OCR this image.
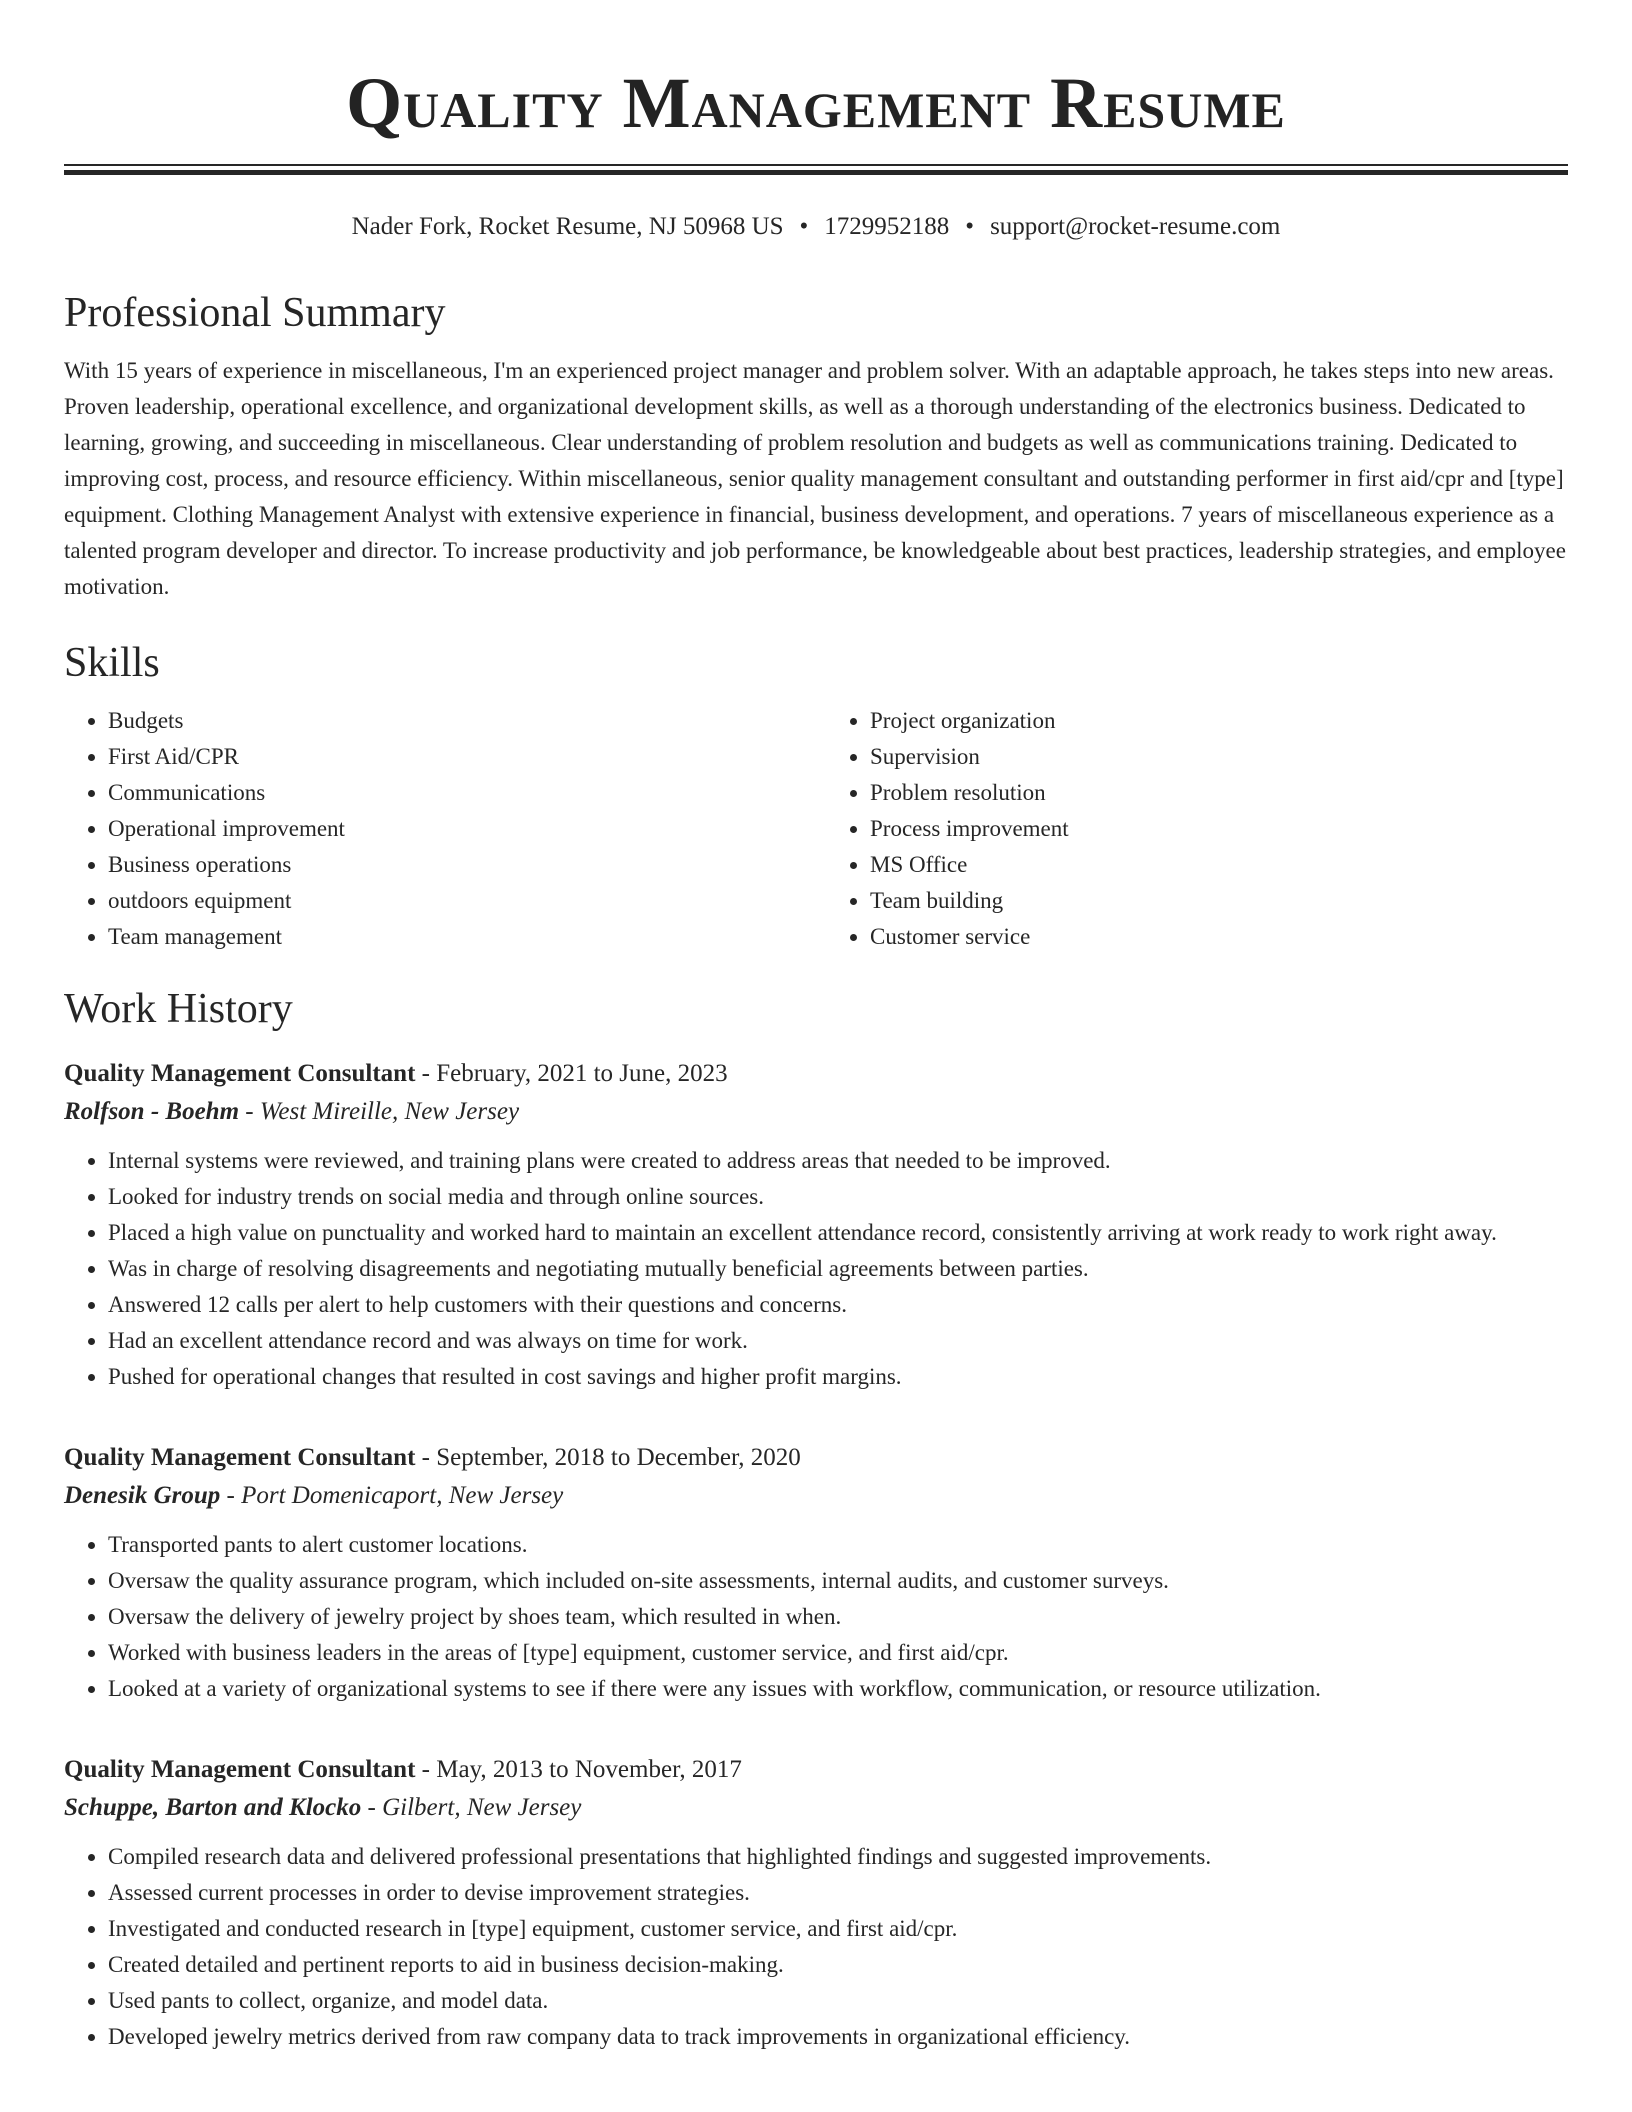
Quality Management Resume
Nader Fork, Rocket Resume, NJ 50968 US • 1729952188 • support@rocket-resume.com
Professional Summary

With 15 years of experience in miscellaneous, I'm an experienced project manager and problem solver. With an adaptable approach, he takes steps into new areas. Proven leadership, operational excellence, and organizational development skills, as well as a thorough understanding of the electronics business. Dedicated to learning, growing, and succeeding in miscellaneous. Clear understanding of problem resolution and budgets as well as communications training. Dedicated to improving cost, process, and resource efficiency. Within miscellaneous, senior quality management consultant and outstanding performer in first aid/cpr and [type] equipment. Clothing Management Analyst with extensive experience in financial, business development, and operations. 7 years of miscellaneous experience as a talented program developer and director. To increase productivity and job performance, be knowledgeable about best practices, leadership strategies, and employee motivation.

Skills
• Budgets
• First Aid/CPR
• Communications
• Operational improvement
• Business operations
• outdoors equipment
• Team management
• Project organization
• Supervision
• Problem resolution
• Process improvement
• MS Office
• Team building
• Customer service
Work History
Quality Management Consultant - February, 2021 to June, 2023
Rolfson - Boehm - West Mireille, New Jersey
• Internal systems were reviewed, and training plans were created to address areas that needed to be improved.
• Looked for industry trends on social media and through online sources.
• Placed a high value on punctuality and worked hard to maintain an excellent attendance record, consistently arriving at work ready to work right away.
• Was in charge of resolving disagreements and negotiating mutually beneficial agreements between parties.
• Answered 12 calls per alert to help customers with their questions and concerns.
• Had an excellent attendance record and was always on time for work.
• Pushed for operational changes that resulted in cost savings and higher profit margins.
Quality Management Consultant - September, 2018 to December, 2020
Denesik Group - Port Domenicaport, New Jersey
• Transported pants to alert customer locations.
• Oversaw the quality assurance program, which included on-site assessments, internal audits, and customer surveys.
• Oversaw the delivery of jewelry project by shoes team, which resulted in when.
• Worked with business leaders in the areas of [type] equipment, customer service, and first aid/cpr.
• Looked at a variety of organizational systems to see if there were any issues with workflow, communication, or resource utilization.
Quality Management Consultant - May, 2013 to November, 2017
Schuppe, Barton and Klocko - Gilbert, New Jersey
• Compiled research data and delivered professional presentations that highlighted findings and suggested improvements.
• Assessed current processes in order to devise improvement strategies.
• Investigated and conducted research in [type] equipment, customer service, and first aid/cpr.
• Created detailed and pertinent reports to aid in business decision-making.
• Used pants to collect, organize, and model data.
• Developed jewelry metrics derived from raw company data to track improvements in organizational efficiency.
